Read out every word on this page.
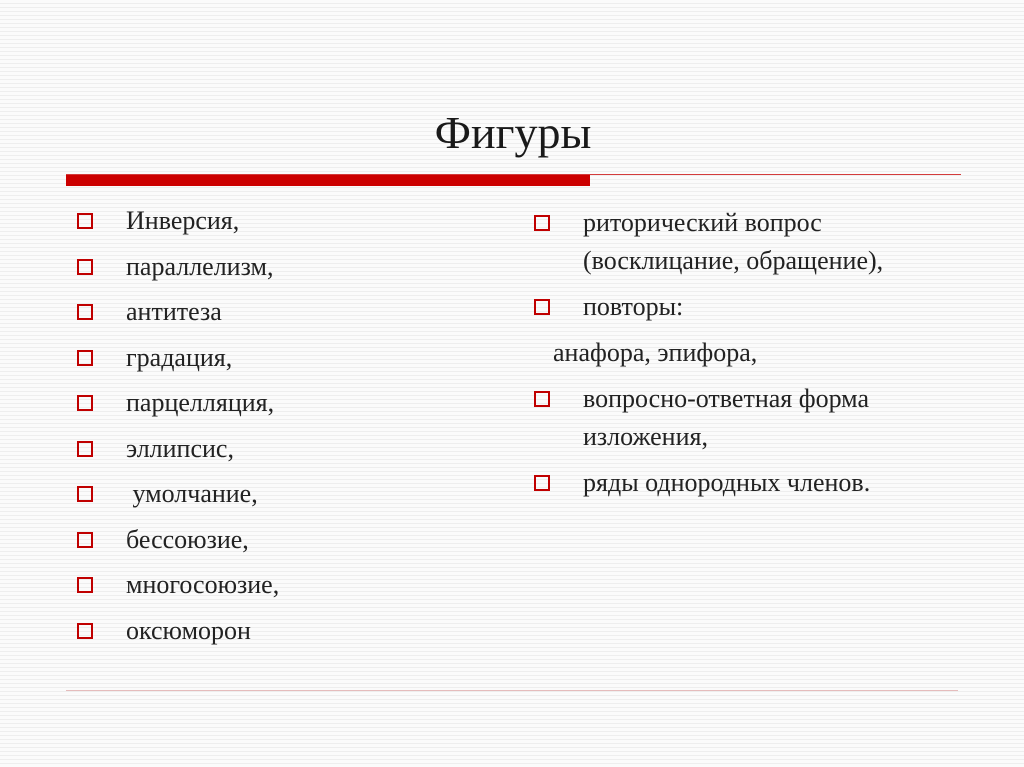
Фигуры
Инверсия,
параллелизм,
антитеза
градация,
парцелляция,
эллипсис,
умолчание,
бессоюзие,
многосоюзие,
оксюморон
риторический вопрос (восклицание, обращение),
повторы:
анафора, эпифора,
вопросно-ответная форма изложения,
ряды однородных членов.
